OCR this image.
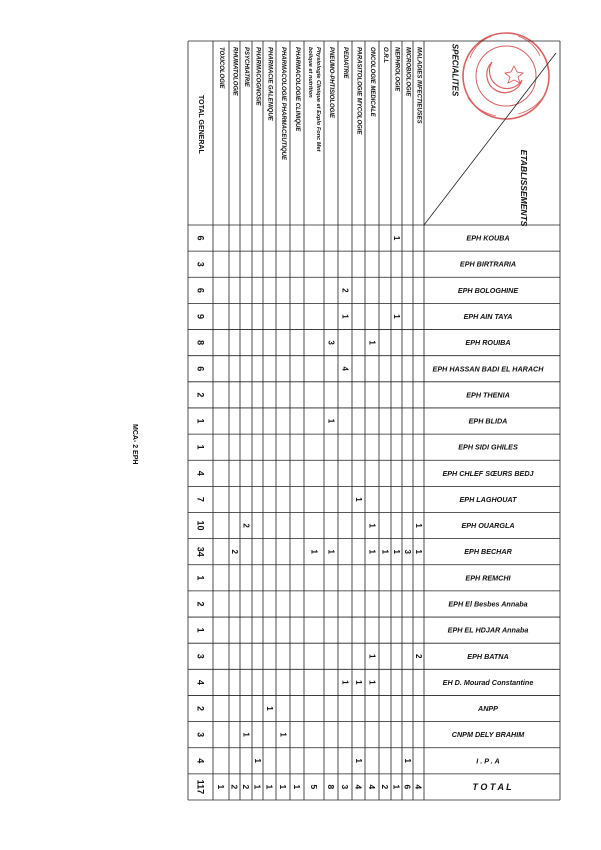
SPECIALITES
ETABLISSEMENTS
MALADIES INFECTIEUSES
MICROBIOLOGIE
NEPHROLOGIE
O.R.L
ONCOLOGIE MEDICALE
PARASITOLOGIE MYCOLOGIE
PEDIATRIE
PNEUMO-PHTISIOLOGIE
Physiologie Clinique et Explo Fonc Met
bolique et nutrition
PHARMACOLOGIE CLINIQUE
PHARMACOLOGIE PHARMACEUTIQUE
PHARMACIE GALENIQUE
PHARMACOGNOSIE
PSYCHIATRIE
RHUMATOLOGIE
TOXICOLOGIE
TOTAL GENERAL
EPH KOUBA
EPH BIRTRARIA
EPH BOLOGHINE
EPH AIN TAYA
EPH ROUIBA
EPH HASSAN BADI EL HARACH
EPH THENIA
EPH BLIDA
EPH SIDI GHILES
EPH CHLEF SŒURS BEDJ
EPH LAGHOUAT
EPH OUARGLA
EPH BECHAR
EPH REMCHI
EPH El Besbes Annaba
EPH EL HDJAR Annaba
EPH BATNA
EH D. Mourad Constantine
ANPP
CNPM DELY BRAHIM
I . P . A
T O T A L
1
2
1
1
1
3
4
1
1
1
1
2
1
3
1
1
1
1
1
2
2
1
1
1
1
1
1
1
1
1
1
6
3
6
9
8
6
2
1
1
4
7
10
34
1
2
1
3
4
2
3
4
4
6
1
2
4
4
3
8
5
1
1
1
1
2
2
1
117
MCA- 2 EPH
